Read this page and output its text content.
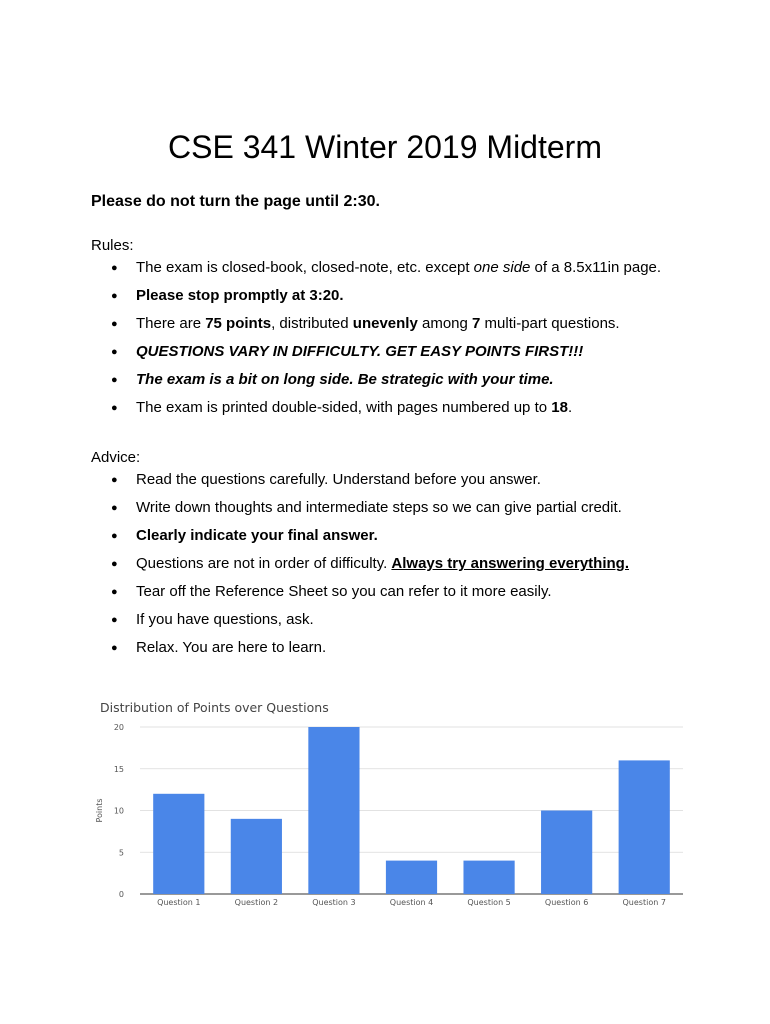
CSE 341 Winter 2019 Midterm

Please do not turn the page until 2:30.

Rules:

● The exam is closed-book, closed-note, etc. except one side of a 8.5x11in page.
● Please stop promptly at 3:20.
● There are 75 points, distributed unevenly among 7 multi-part questions.
● QUESTIONS VARY IN DIFFICULTY. GET EASY POINTS FIRST!!!
● The exam is a bit on long side. Be strategic with your time.
● The exam is printed double-sided, with pages numbered up to 18.

Advice:

● Read the questions carefully. Understand before you answer.
● Write down thoughts and intermediate steps so we can give partial credit.
● Clearly indicate your final answer.
● Questions are not in order of difficulty. Always try answering everything.
● Tear off the Reference Sheet so you can refer to it more easily.
● If you have questions, ask.
● Relax. You are here to learn.
Distribution of Points over Questions
0
5
10
15
20
Points
Question 1	Question 2	Question 3	Question 4	Question 5	Question 6	Question 7
